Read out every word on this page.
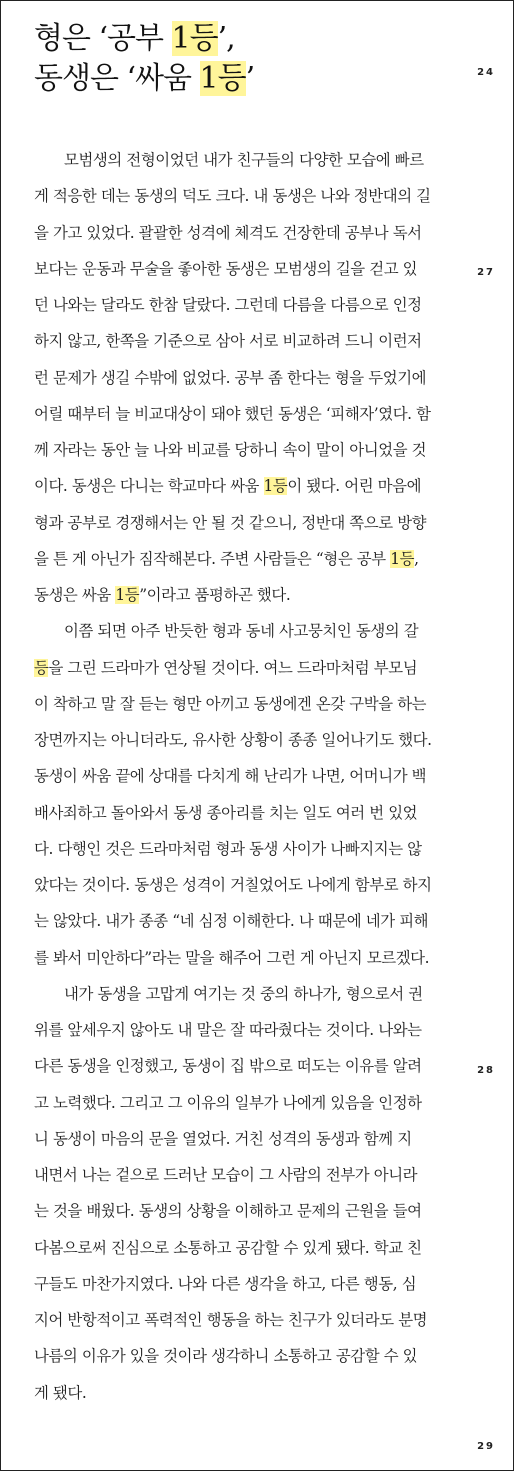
형은 ‘공부 1등’,
동생은 ‘싸움 1등’	24
27
28
29
모범생의 전형이었던 내가 친구들의 다양한 모습에 빠르
게 적응한 데는 동생의 덕도 크다. 내 동생은 나와 정반대의 길
을 가고 있었다. 괄괄한 성격에 체격도 건장한데 공부나 독서
보다는 운동과 무술을 좋아한 동생은 모범생의 길을 걷고 있
던 나와는 달라도 한참 달랐다. 그런데 다름을 다름으로 인정
하지 않고, 한쪽을 기준으로 삼아 서로 비교하려 드니 이런저
런 문제가 생길 수밖에 없었다. 공부 좀 한다는 형을 두었기에
어릴 때부터 늘 비교대상이 돼야 했던 동생은 ‘피해자’였다. 함
께 자라는 동안 늘 나와 비교를 당하니 속이 말이 아니었을 것
이다. 동생은 다니는 학교마다 싸움 1등이 됐다. 어린 마음에
형과 공부로 경쟁해서는 안 될 것 같으니, 정반대 쪽으로 방향
을 튼 게 아닌가 짐작해본다. 주변 사람들은 “형은 공부 1등,
동생은 싸움 1등”이라고 품평하곤 했다.
이쯤 되면 아주 반듯한 형과 동네 사고뭉치인 동생의 갈
등을 그린 드라마가 연상될 것이다. 여느 드라마처럼 부모님
이 착하고 말 잘 듣는 형만 아끼고 동생에겐 온갖 구박을 하는
장면까지는 아니더라도, 유사한 상황이 종종 일어나기도 했다.
동생이 싸움 끝에 상대를 다치게 해 난리가 나면, 어머니가 백
배사죄하고 돌아와서 동생 종아리를 치는 일도 여러 번 있었
다. 다행인 것은 드라마처럼 형과 동생 사이가 나빠지지는 않
았다는 것이다. 동생은 성격이 거칠었어도 나에게 함부로 하지
는 않았다. 내가 종종 “네 심정 이해한다. 나 때문에 네가 피해
를 봐서 미안하다”라는 말을 해주어 그런 게 아닌지 모르겠다.
내가 동생을 고맙게 여기는 것 중의 하나가, 형으로서 권
위를 앞세우지 않아도 내 말은 잘 따라줬다는 것이다. 나와는
다른 동생을 인정했고, 동생이 집 밖으로 떠도는 이유를 알려
고 노력했다. 그리고 그 이유의 일부가 나에게 있음을 인정하
니 동생이 마음의 문을 열었다. 거친 성격의 동생과 함께 지
내면서 나는 겉으로 드러난 모습이 그 사람의 전부가 아니라
는 것을 배웠다. 동생의 상황을 이해하고 문제의 근원을 들여
다봄으로써 진심으로 소통하고 공감할 수 있게 됐다. 학교 친
구들도 마찬가지였다. 나와 다른 생각을 하고, 다른 행동, 심
지어 반항적이고 폭력적인 행동을 하는 친구가 있더라도 분명
나름의 이유가 있을 것이라 생각하니 소통하고 공감할 수 있
게 됐다.
